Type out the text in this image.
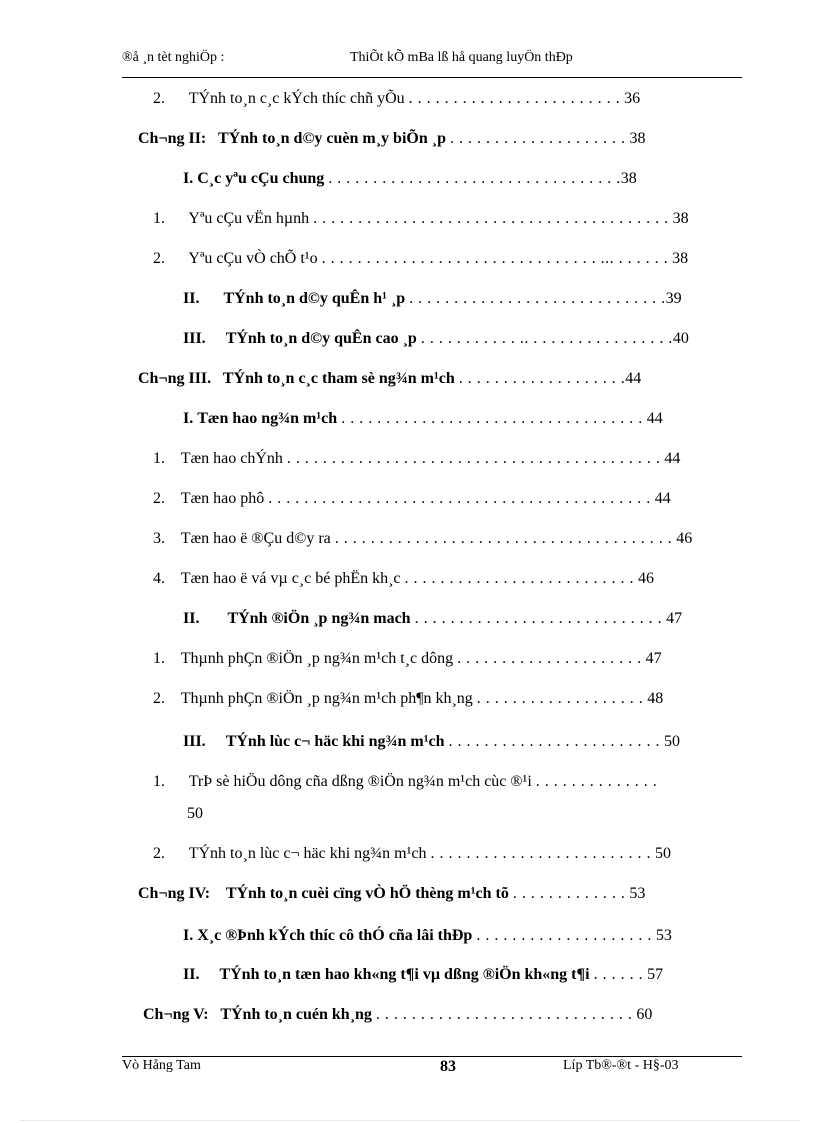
®å ¸n tèt nghiÖp :	ThiÕt kÕ mBa lß hå quang luyÖn thÐp
2. TÝnh to¸n c¸c kÝch thíc chñ yÕu . . . . . . . . . . . . . . . . . . . . . . . . 36
Ch¬ng II: TÝnh to¸n d©y cuèn m¸y biÕn ¸p . . . . . . . . . . . . . . . . . . . . 38
I. C¸c yªu cÇu chung . . . . . . . . . . . . . . . . . . . . . . . . . . . . . . . . .38
1. Yªu cÇu vËn hµnh . . . . . . . . . . . . . . . . . . . . . . . . . . . . . . . . . . . . . . . . 38
2. Yªu cÇu vÒ chÕ t¹o . . . . . . . . . . . . . . . . . . . . . . . . . . . . . . . ... . . . . . . 38
II. TÝnh to¸n d©y quÊn h¹ ¸p . . . . . . . . . . . . . . . . . . . . . . . . . . . . .39
III. TÝnh to¸n d©y quÊn cao ¸p . . . . . . . . . . . .. . . . . . . . . . . . . . . . .40
Ch¬ng III. TÝnh to¸n c¸c tham sè ng¾n m¹ch . . . . . . . . . . . . . . . . . . .44
I. Tæn hao ng¾n m¹ch . . . . . . . . . . . . . . . . . . . . . . . . . . . . . . . . . . 44
1. Tæn hao chÝnh . . . . . . . . . . . . . . . . . . . . . . . . . . . . . . . . . . . . . . . . . . 44
2. Tæn hao phô . . . . . . . . . . . . . . . . . . . . . . . . . . . . . . . . . . . . . . . . . . . 44
3. Tæn hao ë ®Çu d©y ra . . . . . . . . . . . . . . . . . . . . . . . . . . . . . . . . . . . . . . 46
4. Tæn hao ë vá vµ c¸c bé phËn kh¸c . . . . . . . . . . . . . . . . . . . . . . . . . . 46
II. TÝnh ®iÖn ¸p ng¾n mach . . . . . . . . . . . . . . . . . . . . . . . . . . . . 47
1. Thµnh phÇn ®iÖn ¸p ng¾n m¹ch t¸c dông . . . . . . . . . . . . . . . . . . . . . 47
2. Thµnh phÇn ®iÖn ¸p ng¾n m¹ch ph¶n kh¸ng . . . . . . . . . . . . . . . . . . . 48
III. TÝnh lùc c¬ häc khi ng¾n m¹ch . . . . . . . . . . . . . . . . . . . . . . . . 50
1. TrÞ sè hiÖu dông cña dßng ®iÖn ng¾n m¹ch cùc ®¹i . . . . . . . . . . . . . .
50
2. TÝnh to¸n lùc c¬ häc khi ng¾n m¹ch . . . . . . . . . . . . . . . . . . . . . . . . . 50
Ch¬ng IV: TÝnh to¸n cuèi cïng vÒ hÖ thèng m¹ch tõ . . . . . . . . . . . . . 53
I. X¸c ®Þnh kÝch thíc cô thÓ cña lâi thÐp . . . . . . . . . . . . . . . . . . . . 53
II. TÝnh to¸n tæn hao kh«ng t¶i vµ dßng ®iÖn kh«ng t¶i . . . . . . 57
Ch¬ng V: TÝnh to¸n cuén kh¸ng . . . . . . . . . . . . . . . . . . . . . . . . . . . . . 60
Vò Hång Tam	83	Líp Tb®-®t - H§-03
